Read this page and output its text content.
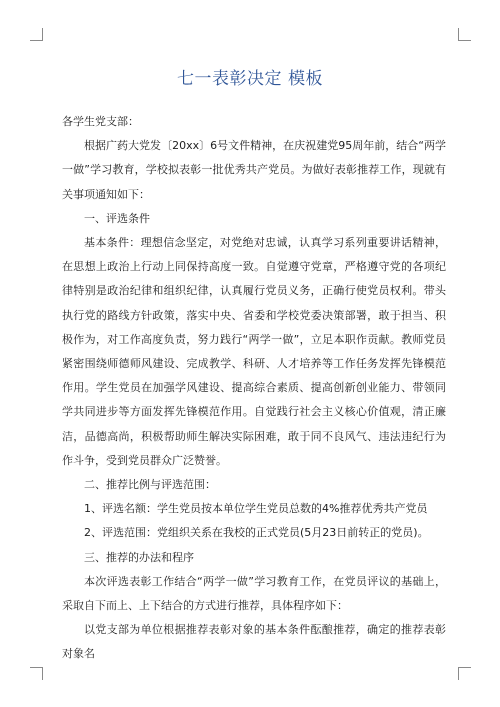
七一表彰决定 模板

各学生党支部：

根据广药大党发〔20xx〕6号文件精神，在庆祝建党95周年前，结合“两学一做”学习教育，学校拟表彰一批优秀共产党员。为做好表彰推荐工作，现就有关事项通知如下：

一、评选条件

基本条件：理想信念坚定，对党绝对忠诚，认真学习系列重要讲话精神，在思想上政治上行动上同保持高度一致。自觉遵守党章，严格遵守党的各项纪律特别是政治纪律和组织纪律，认真履行党员义务，正确行使党员权利。带头执行党的路线方针政策，落实中央、省委和学校党委决策部署，敢于担当、积极作为，对工作高度负责，努力践行“两学一做”，立足本职作贡献。教师党员紧密围绕师德师风建设、完成教学、科研、人才培养等工作任务发挥先锋模范作用。学生党员在加强学风建设、提高综合素质、提高创新创业能力、带领同学共同进步等方面发挥先锋模范作用。自觉践行社会主义核心价值观，清正廉洁，品德高尚，积极帮助师生解决实际困难，敢于同不良风气、违法违纪行为作斗争，受到党员群众广泛赞誉。

二、推荐比例与评选范围：

1、评选名额：学生党员按本单位学生党员总数的4%推荐优秀共产党员

2、评选范围：党组织关系在我校的正式党员(5月23日前转正的党员)。

三、推荐的办法和程序

本次评选表彰工作结合“两学一做”学习教育工作，在党员评议的基础上，采取自下而上、上下结合的方式进行推荐，具体程序如下：

以党支部为单位根据推荐表彰对象的基本条件酝酿推荐，确定的推荐表彰对象名
